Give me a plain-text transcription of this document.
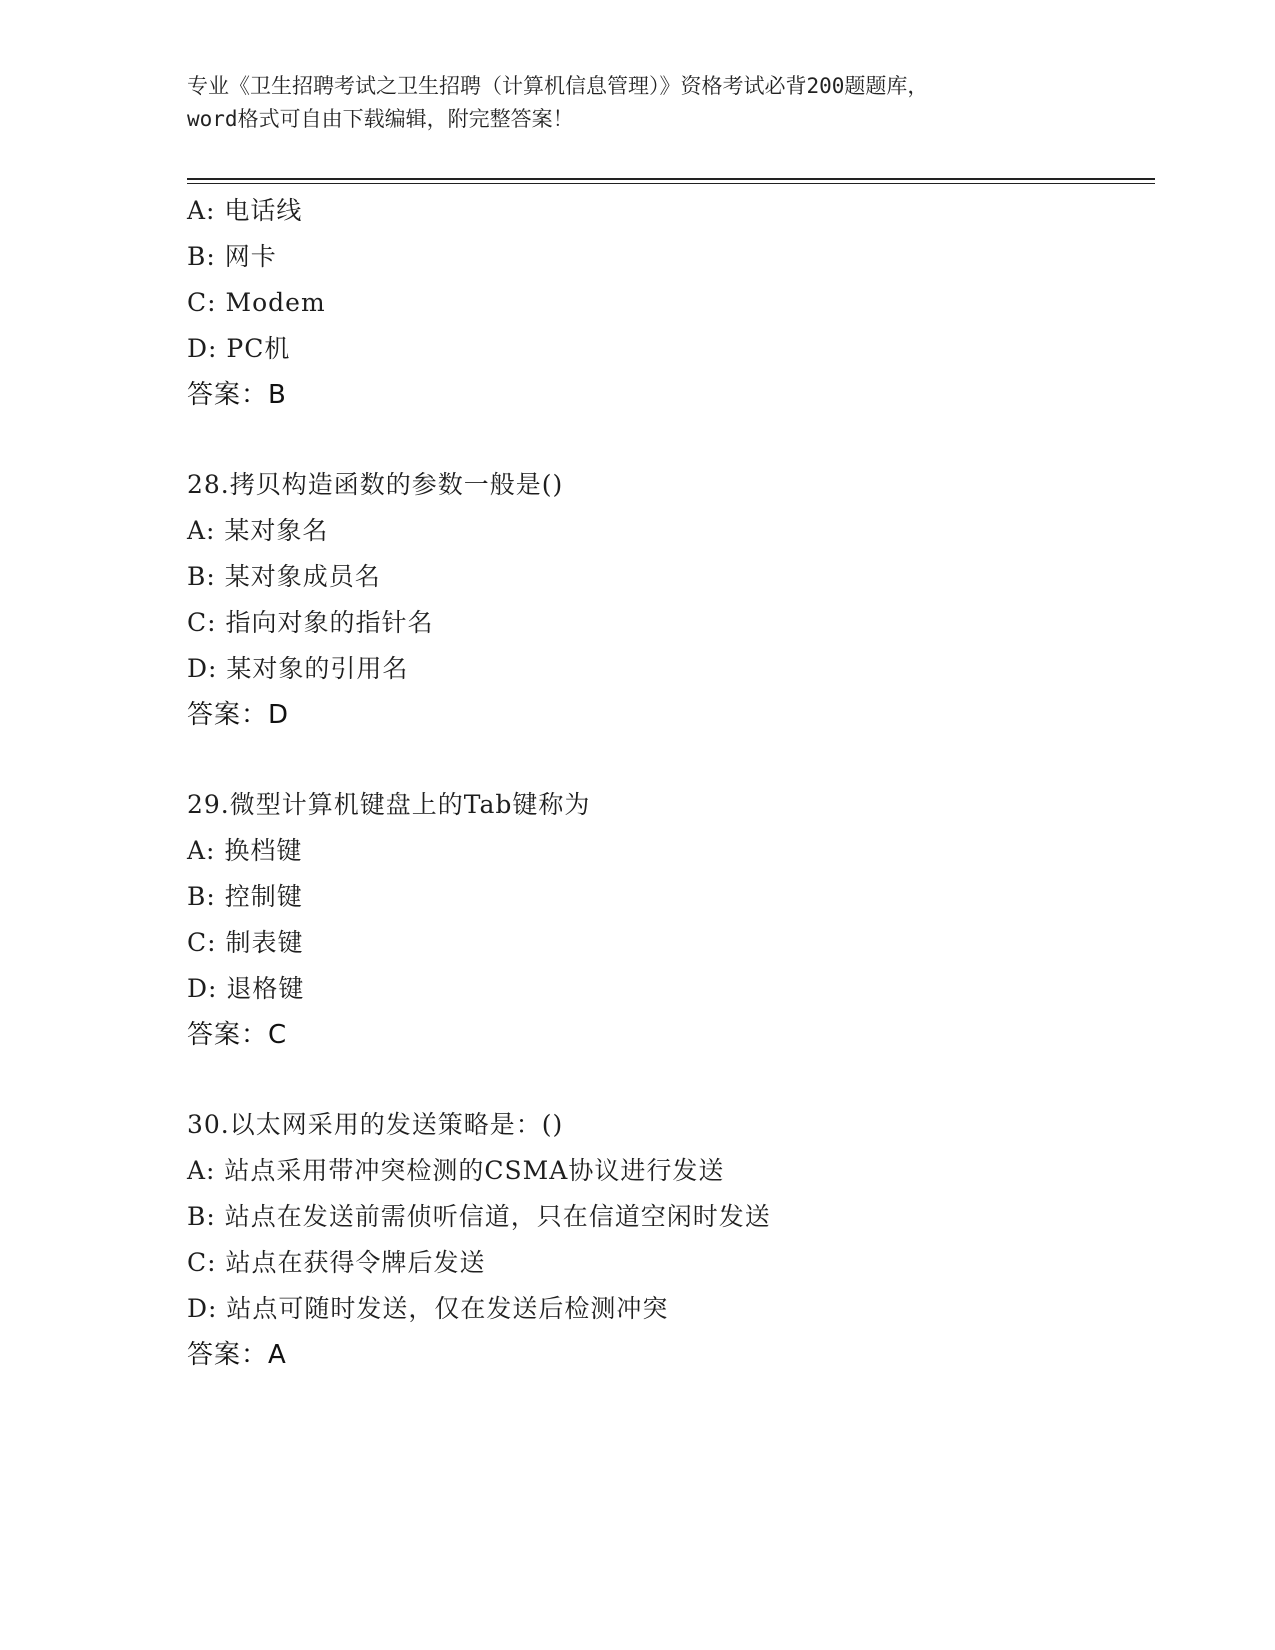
专业《卫生招聘考试之卫生招聘（计算机信息管理）》资格考试必背200题题库，
word格式可自由下载编辑，附完整答案！
A: 电话线
B: 网卡
C: Modem
D: PC机
答案：B
28.拷贝构造函数的参数一般是()
A: 某对象名
B: 某对象成员名
C: 指向对象的指针名
D: 某对象的引用名
答案：D
29.微型计算机键盘上的Tab键称为
A: 换档键
B: 控制键
C: 制表键
D: 退格键
答案：C
30.以太网采用的发送策略是：()
A: 站点采用带冲突检测的CSMA协议进行发送
B: 站点在发送前需侦听信道，只在信道空闲时发送
C: 站点在获得令牌后发送
D: 站点可随时发送，仅在发送后检测冲突
答案：A
